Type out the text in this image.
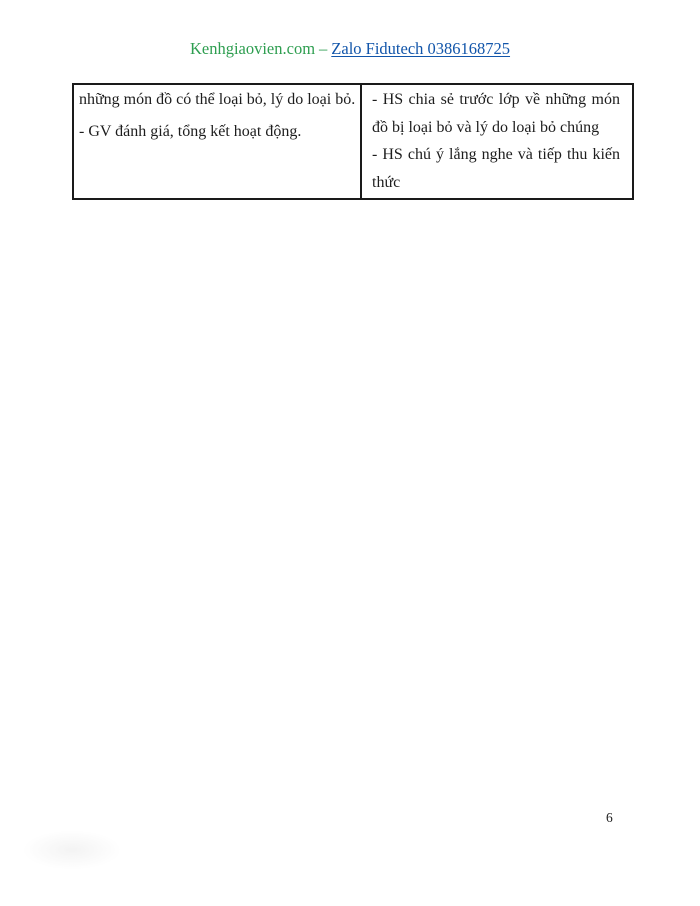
Kenhgiaovien.com – Zalo Fidutech 0386168725

những món đồ có thể loại bỏ, lý do loại bỏ.

- GV đánh giá, tổng kết hoạt động.

- HS chia sẻ trước lớp về những món đồ bị loại bỏ và lý do loại bỏ chúng

- HS chú ý lắng nghe và tiếp thu kiến thức

6
